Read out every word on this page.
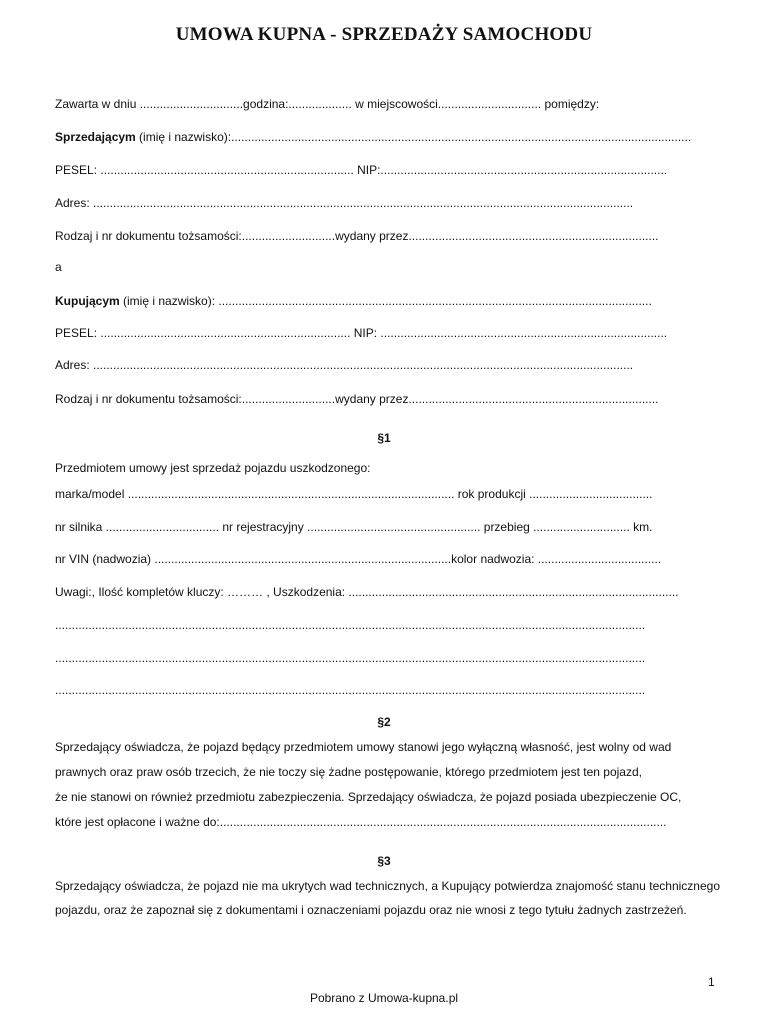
UMOWA KUPNA - SPRZEDAŻY SAMOCHODU
Zawarta w dniu ...............................godzina:................... w miejscowości............................... pomiędzy:
Sprzedającym (imię i nazwisko):..........................................................................................................................................
PESEL: ............................................................................ NIP:......................................................................................
Adres: ..................................................................................................................................................................
Rodzaj i nr dokumentu tożsamości:............................wydany przez...........................................................................
a
Kupującym (imię i nazwisko): ..................................................................................................................................
PESEL: ........................................................................... NIP: ......................................................................................
Adres: ..................................................................................................................................................................
Rodzaj i nr dokumentu tożsamości:............................wydany przez...........................................................................
§1
Przedmiotem umowy jest sprzedaż pojazdu uszkodzonego:
marka/model .................................................................................................. rok produkcji .....................................
nr silnika .................................. nr rejestracyjny .................................................... przebieg ............................. km.
nr VIN (nadwozia) .........................................................................................kolor nadwozia: .....................................
Uwagi:, Ilość kompletów kluczy: ……… , Uszkodzenia: ...................................................................................................
.................................................................................................................................................................................
.................................................................................................................................................................................
.................................................................................................................................................................................
§2
Sprzedający oświadcza, że pojazd będący przedmiotem umowy stanowi jego wyłączną własność, jest wolny od wad
prawnych oraz praw osób trzecich, że nie toczy się żadne postępowanie, którego przedmiotem jest ten pojazd,
że nie stanowi on również przedmiotu zabezpieczenia. Sprzedający oświadcza, że pojazd posiada ubezpieczenie OC,
które jest opłacone i ważne do:......................................................................................................................................
§3

Sprzedający oświadcza, że pojazd nie ma ukrytych wad technicznych, a Kupujący potwierdza znajomość stanu technicznego pojazdu, oraz że zapoznał się z dokumentami i oznaczeniami pojazdu oraz nie wnosi z tego tytułu żadnych zastrzeżeń.

1
Pobrano z Umowa-kupna.pl
